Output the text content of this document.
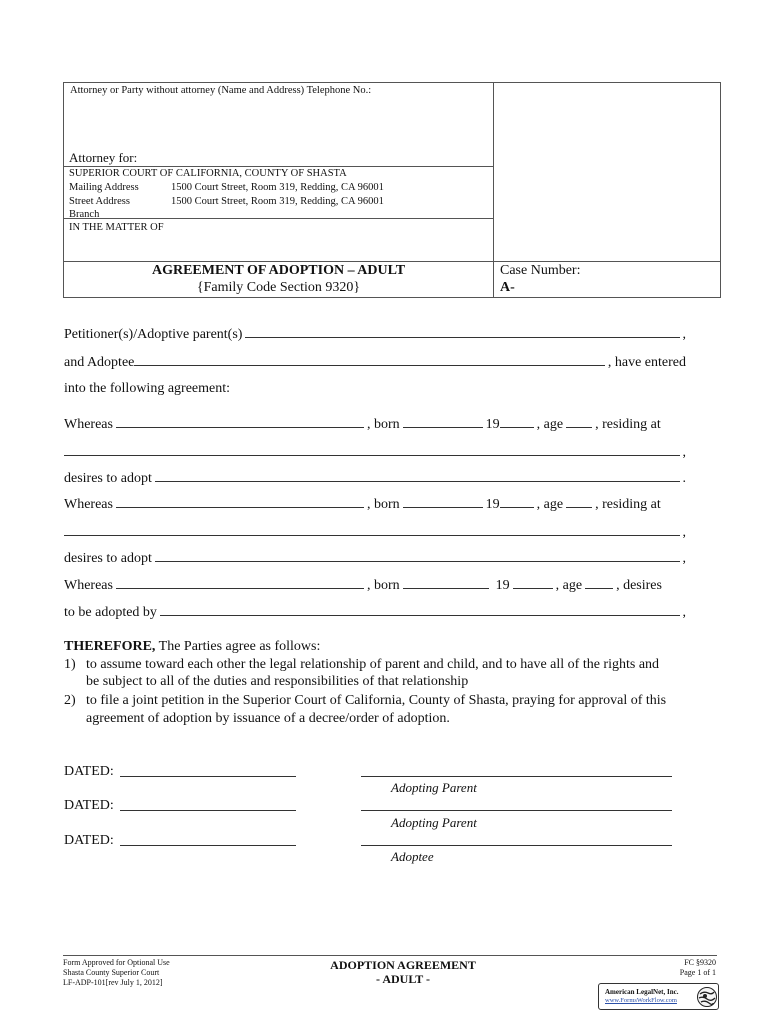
Attorney or Party without attorney (Name and Address) Telephone No.:
Attorney for:
SUPERIOR COURT OF CALIFORNIA, COUNTY OF SHASTA
Mailing Address	1500 Court Street, Room 319, Redding, CA 96001
Street Address	1500 Court Street, Room 319, Redding, CA 96001
Branch
IN THE MATTER OF
AGREEMENT OF ADOPTION – ADULT
{Family Code Section 9320}
Case Number:
A-
Petitioner(s)/Adoptive parent(s)	,
and Adoptee	, have entered
into the following agreement:
Whereas	, born	19	, age , residing at
,
desires to adopt	.
Whereas	, born	19	, age , residing at
,
desires to adopt	,
Whereas	, born	19	, age , desires
to be adopted by	,
THEREFORE, The Parties agree as follows:
1) to assume toward each other the legal relationship of parent and child, and to have all of the rights and
be subject to all of the duties and responsibilities of that relationship
2) to file a joint petition in the Superior Court of California, County of Shasta, praying for approval of this
agreement of adoption by issuance of a decree/order of adoption.
DATED:
Adopting Parent
DATED:
Adopting Parent
DATED:
Adoptee
Form Approved for Optional Use
Shasta County Superior Court
LF-ADP-101[rev July 1, 2012]
ADOPTION AGREEMENT
- ADULT -
FC §9320
Page 1 of 1
American LegalNet, Inc.
www.FormsWorkFlow.com
